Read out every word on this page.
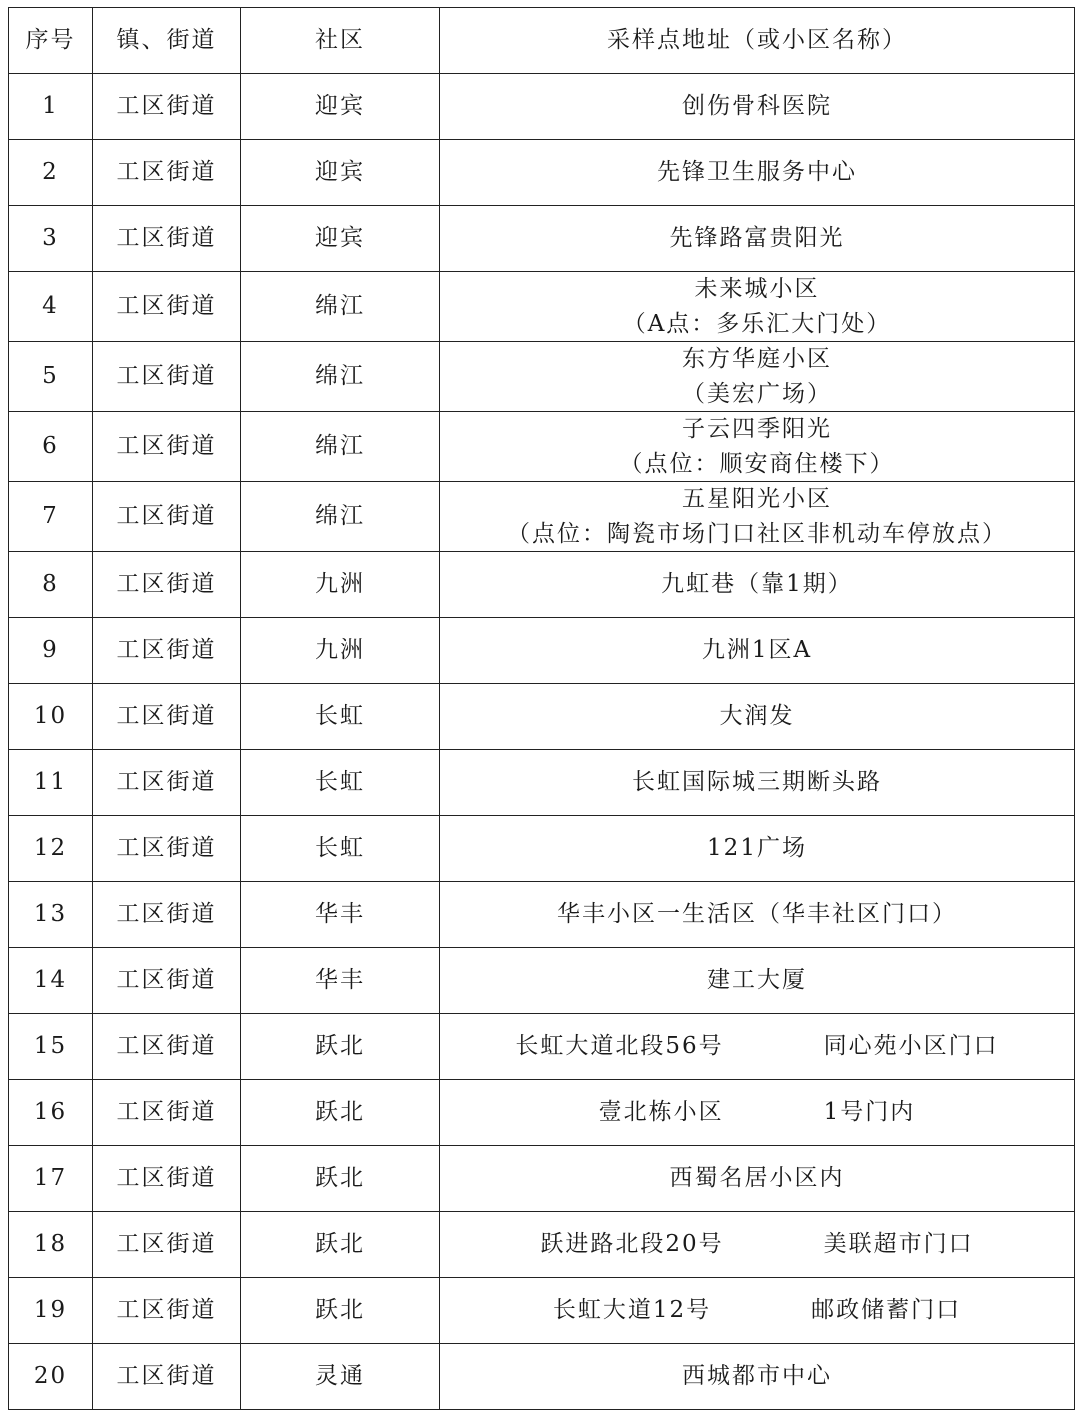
序号	镇、街道	社区	采样点地址（或小区名称）
1	工区街道	迎宾	创伤骨科医院
2	工区街道	迎宾	先锋卫生服务中心
3	工区街道	迎宾	先锋路富贵阳光
4	工区街道	绵江	未来城小区
（A点：多乐汇大门处）

5	工区街道	绵江	东方华庭小区
（美宏广场）

6	工区街道	绵江	子云四季阳光
（点位：顺安商住楼下）

7	工区街道	绵江	五星阳光小区
（点位：陶瓷市场门口社区非机动车停放点）

8	工区街道	九洲	九虹巷（靠1期）
9	工区街道	九洲	九洲1区A
10	工区街道	长虹	大润发
11	工区街道	长虹	长虹国际城三期断头路
12	工区街道	长虹	121广场
13	工区街道	华丰	华丰小区一生活区（华丰社区门口）
14	工区街道	华丰	建工大厦
15	工区街道	跃北	长虹大道北段56号 同心苑小区门口
16	工区街道	跃北	壹北栋小区 1号门内
17	工区街道	跃北	西蜀名居小区内
18	工区街道	跃北	跃进路北段20号 美联超市门口
19	工区街道	跃北	长虹大道12号 邮政储蓄门口
20	工区街道	灵通	西城都市中心
